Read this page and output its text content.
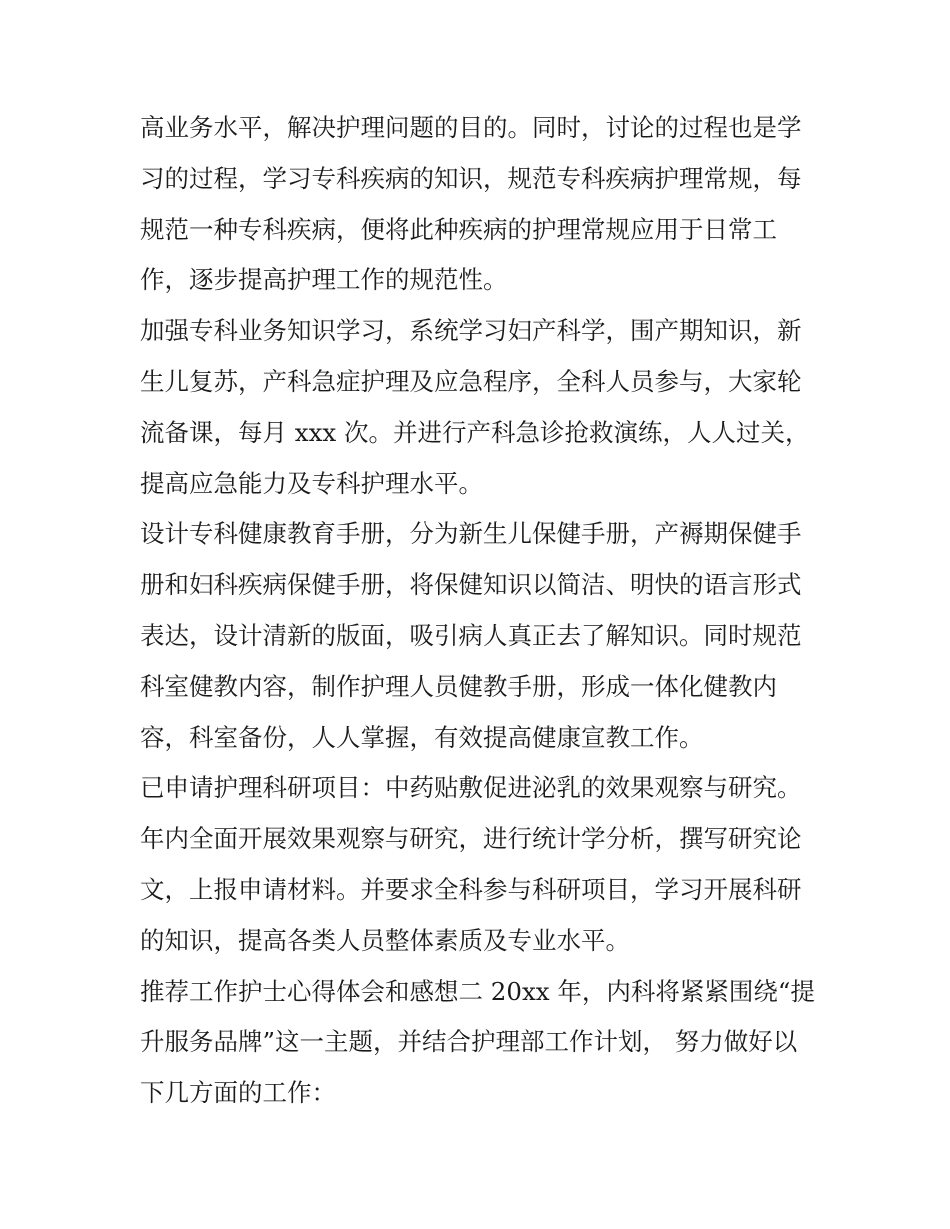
高业务水平，解决护理问题的目的。同时，讨论的过程也是学
习的过程，学习专科疾病的知识，规范专科疾病护理常规，每
规范一种专科疾病，便将此种疾病的护理常规应用于日常工
作，逐步提高护理工作的规范性。
加强专科业务知识学习，系统学习妇产科学，围产期知识，新
生儿复苏，产科急症护理及应急程序，全科人员参与，大家轮
流备课，每月 xxx 次。并进行产科急诊抢救演练，人人过关，
提高应急能力及专科护理水平。
设计专科健康教育手册，分为新生儿保健手册，产褥期保健手
册和妇科疾病保健手册，将保健知识以简洁、明快的语言形式
表达，设计清新的版面，吸引病人真正去了解知识。同时规范
科室健教内容，制作护理人员健教手册，形成一体化健教内
容，科室备份，人人掌握，有效提高健康宣教工作。
已申请护理科研项目：中药贴敷促进泌乳的效果观察与研究。
年内全面开展效果观察与研究，进行统计学分析，撰写研究论
文，上报申请材料。并要求全科参与科研项目，学习开展科研
的知识，提高各类人员整体素质及专业水平。
推荐工作护士心得体会和感想二 20xx 年，内科将紧紧围绕“提
升服务品牌”这一主题，并结合护理部工作计划， 努力做好以
下几方面的工作：
